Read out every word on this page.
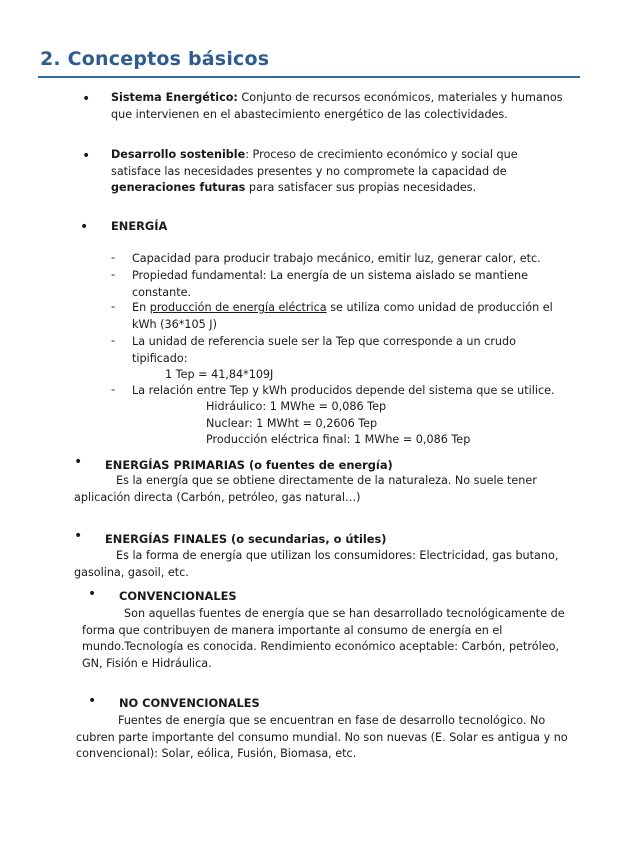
2. Conceptos básicos
• Sistema Energético: Conjunto de recursos económicos, materiales y humanos
que intervienen en el abastecimiento energético de las colectividades.
• Desarrollo sostenible: Proceso de crecimiento económico y social que
satisface las necesidades presentes y no compromete la capacidad de
generaciones futuras para satisfacer sus propias necesidades.
• ENERGÍA
- Capacidad para producir trabajo mecánico, emitir luz, generar calor, etc.
- Propiedad fundamental: La energía de un sistema aislado se mantiene
constante.
- En producción de energía eléctrica se utiliza como unidad de producción el
kWh (36*105 J)
- La unidad de referencia suele ser la Tep que corresponde a un crudo
tipificado:
1 Tep = 41,84*109J
- La relación entre Tep y kWh producidos depende del sistema que se utilice.
Hidráulico: 1 MWhe = 0,086 Tep
Nuclear: 1 MWht = 0,2606 Tep
Producción eléctrica final: 1 MWhe = 0,086 Tep
• ENERGÍAS PRIMARIAS (o fuentes de energía)
Es la energía que se obtiene directamente de la naturaleza. No suele tener
aplicación directa (Carbón, petróleo, gas natural…)
• ENERGÍAS FINALES (o secundarias, o útiles)
Es la forma de energía que utilizan los consumidores: Electricidad, gas butano,
gasolina, gasoil, etc.
• CONVENCIONALES
Son aquellas fuentes de energía que se han desarrollado tecnológicamente de
forma que contribuyen de manera importante al consumo de energía en el
mundo.Tecnología es conocida. Rendimiento económico aceptable: Carbón, petróleo,
GN, Fisión e Hidráulica.
• NO CONVENCIONALES
Fuentes de energía que se encuentran en fase de desarrollo tecnológico. No
cubren parte importante del consumo mundial. No son nuevas (E. Solar es antigua y no
convencional): Solar, eólica, Fusión, Biomasa, etc.
